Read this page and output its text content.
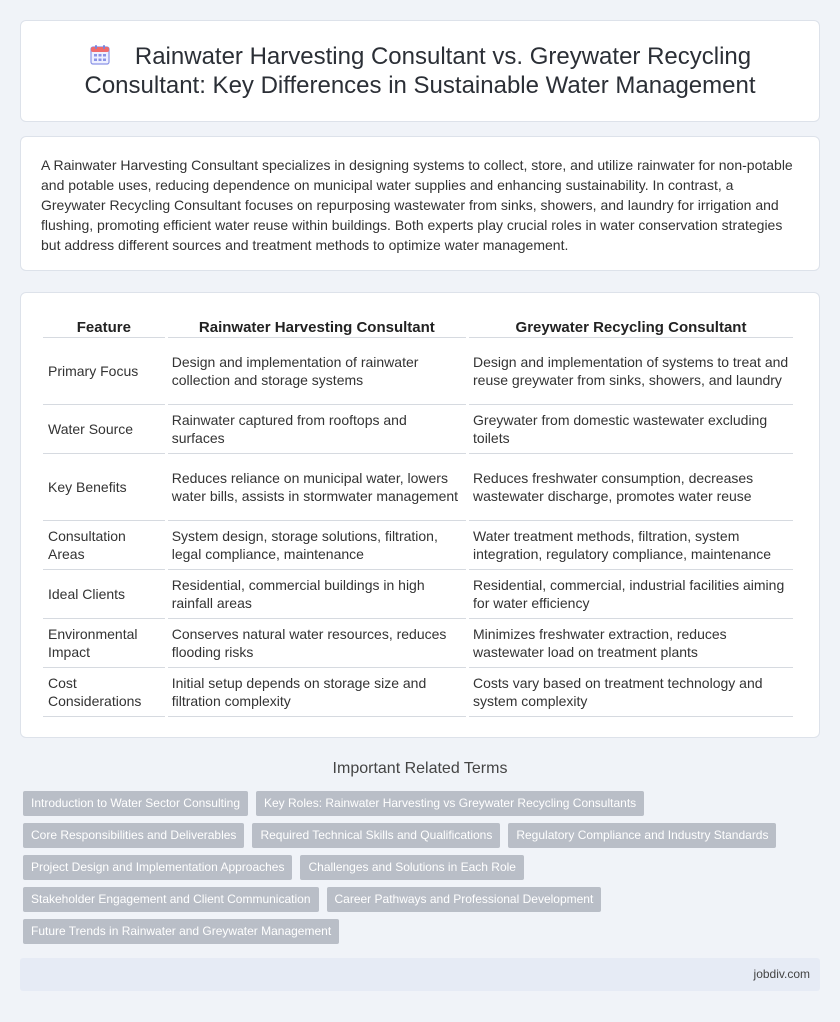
Rainwater Harvesting Consultant vs. Greywater Recycling Consultant: Key Differences in Sustainable Water Management

A Rainwater Harvesting Consultant specializes in designing systems to collect, store, and utilize rainwater for non-potable and potable uses, reducing dependence on municipal water supplies and enhancing sustainability. In contrast, a Greywater Recycling Consultant focuses on repurposing wastewater from sinks, showers, and laundry for irrigation and flushing, promoting efficient water reuse within buildings. Both experts play crucial roles in water conservation strategies but address different sources and treatment methods to optimize water management.

Feature	Rainwater Harvesting Consultant	Greywater Recycling Consultant
Primary Focus	Design and implementation of rainwater collection and storage systems	Design and implementation of systems to treat and reuse greywater from sinks, showers, and laundry
Water Source	Rainwater captured from rooftops and surfaces	Greywater from domestic wastewater excluding toilets
Key Benefits	Reduces reliance on municipal water, lowers water bills, assists in stormwater management	Reduces freshwater consumption, decreases wastewater discharge, promotes water reuse
Consultation Areas	System design, storage solutions, filtration, legal compliance, maintenance	Water treatment methods, filtration, system integration, regulatory compliance, maintenance
Ideal Clients	Residential, commercial buildings in high rainfall areas	Residential, commercial, industrial facilities aiming for water efficiency
Environmental Impact	Conserves natural water resources, reduces flooding risks	Minimizes freshwater extraction, reduces wastewater load on treatment plants
Cost Considerations	Initial setup depends on storage size and filtration complexity	Costs vary based on treatment technology and system complexity
Important Related Terms
Introduction to Water Sector Consulting	Key Roles: Rainwater Harvesting vs Greywater Recycling Consultants
Core Responsibilities and Deliverables	Required Technical Skills and Qualifications	Regulatory Compliance and Industry Standards
Project Design and Implementation Approaches	Challenges and Solutions in Each Role
Stakeholder Engagement and Client Communication	Career Pathways and Professional Development
Future Trends in Rainwater and Greywater Management
jobdiv.com
